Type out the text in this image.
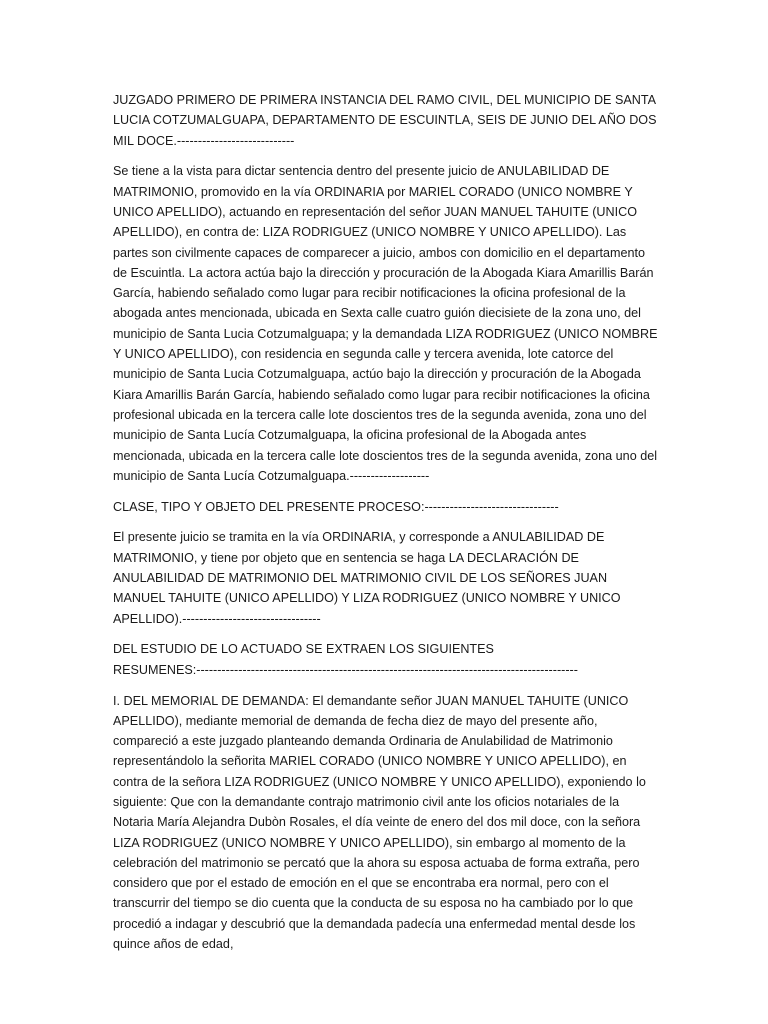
JUZGADO PRIMERO DE PRIMERA INSTANCIA DEL RAMO CIVIL, DEL MUNICIPIO DE SANTA LUCIA COTZUMALGUAPA, DEPARTAMENTO DE ESCUINTLA, SEIS DE JUNIO DEL AÑO DOS MIL DOCE.----------------------------

Se tiene a la vista para dictar sentencia dentro del presente juicio de ANULABILIDAD DE MATRIMONIO, promovido en la vía ORDINARIA por MARIEL CORADO (UNICO NOMBRE Y UNICO APELLIDO), actuando en representación del señor JUAN MANUEL TAHUITE (UNICO APELLIDO), en contra de: LIZA RODRIGUEZ (UNICO NOMBRE Y UNICO APELLIDO). Las partes son civilmente capaces de comparecer a juicio, ambos con domicilio en el departamento de Escuintla. La actora actúa bajo la dirección y procuración de la Abogada Kiara Amarillis Barán García, habiendo señalado como lugar para recibir notificaciones la oficina profesional de la abogada antes mencionada, ubicada en Sexta calle cuatro guión diecisiete de la zona uno, del municipio de Santa Lucia Cotzumalguapa; y la demandada LIZA RODRIGUEZ (UNICO NOMBRE Y UNICO APELLIDO), con residencia en segunda calle y tercera avenida, lote catorce del municipio de Santa Lucia Cotzumalguapa, actúo bajo la dirección y procuración de la Abogada Kiara Amarillis Barán García, habiendo señalado como lugar para recibir notificaciones la oficina profesional ubicada en la tercera calle lote doscientos tres de la segunda avenida, zona uno del municipio de Santa Lucía Cotzumalguapa, la oficina profesional de la Abogada antes mencionada, ubicada en la tercera calle lote doscientos tres de la segunda avenida, zona uno del municipio de Santa Lucía Cotzumalguapa.-------------------

CLASE, TIPO Y OBJETO DEL PRESENTE PROCESO:--------------------------------

El presente juicio se tramita en la vía ORDINARIA, y corresponde a ANULABILIDAD DE MATRIMONIO, y tiene por objeto que en sentencia se haga LA DECLARACIÓN DE ANULABILIDAD DE MATRIMONIO DEL MATRIMONIO CIVIL DE LOS SEÑORES JUAN MANUEL TAHUITE (UNICO APELLIDO) Y LIZA RODRIGUEZ (UNICO NOMBRE Y UNICO APELLIDO).---------------------------------

DEL ESTUDIO DE LO ACTUADO SE EXTRAEN LOS SIGUIENTES
RESUMENES:-------------------------------------------------------------------------------------------

I. DEL MEMORIAL DE DEMANDA: El demandante señor JUAN MANUEL TAHUITE (UNICO APELLIDO), mediante memorial de demanda de fecha diez de mayo del presente año, compareció a este juzgado planteando demanda Ordinaria de Anulabilidad de Matrimonio representándolo la señorita MARIEL CORADO (UNICO NOMBRE Y UNICO APELLIDO), en contra de la señora LIZA RODRIGUEZ (UNICO NOMBRE Y UNICO APELLIDO), exponiendo lo siguiente: Que con la demandante contrajo matrimonio civil ante los oficios notariales de la Notaria María Alejandra Dubòn Rosales, el día veinte de enero del dos mil doce, con la señora LIZA RODRIGUEZ (UNICO NOMBRE Y UNICO APELLIDO), sin embargo al momento de la celebración del matrimonio se percató que la ahora su esposa actuaba de forma extraña, pero considero que por el estado de emoción en el que se encontraba era normal, pero con el transcurrir del tiempo se dio cuenta que la conducta de su esposa no ha cambiado por lo que procedió a indagar y descubrió que la demandada padecía una enfermedad mental desde los quince años de edad,
